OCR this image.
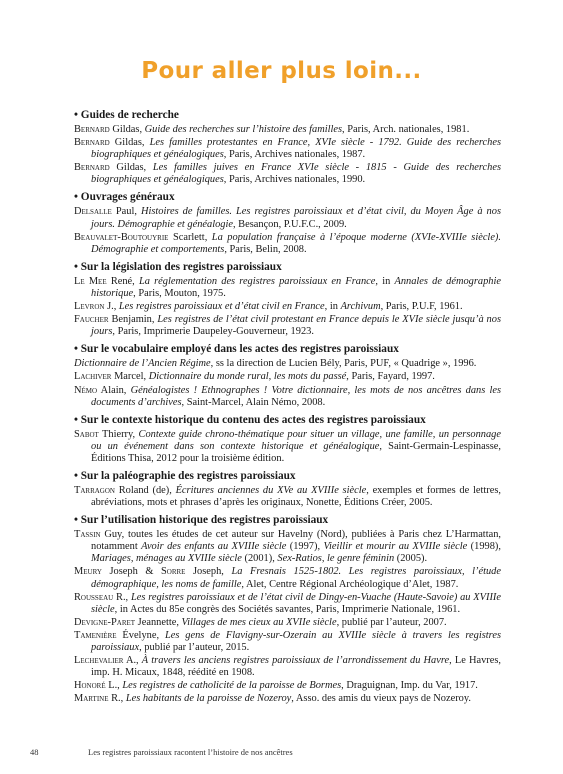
Pour aller plus loin...
• Guides de recherche
Bernard Gildas, Guide des recherches sur l’histoire des familles, Paris, Arch. nationales, 1981.
Bernard Gildas, Les familles protestantes en France, XVIe siècle - 1792. Guide des recherches biographiques et généalogiques, Paris, Archives nationales, 1987.
Bernard Gildas, Les familles juives en France XVIe siècle - 1815 - Guide des recherches biographiques et généalogiques, Paris, Archives nationales, 1990.
• Ouvrages généraux
Delsalle Paul, Histoires de familles. Les registres paroissiaux et d’état civil, du Moyen Âge à nos jours. Démographie et généalogie, Besançon, P.U.F.C., 2009.
Beauvalet-Boutouyrie Scarlett, La population française à l’époque moderne (XVIe-XVIIIe siècle). Démographie et comportements, Paris, Belin, 2008.
• Sur la législation des registres paroissiaux
Le Mee René, La réglementation des registres paroissiaux en France, in Annales de démographie historique, Paris, Mouton, 1975.
Levron J., Les registres paroissiaux et d’état civil en France, in Archivum, Paris, P.U.F, 1961.
Faucher Benjamin, Les registres de l’état civil protestant en France depuis le XVIe siècle jusqu’à nos jours, Paris, Imprimerie Daupeley-Gouverneur, 1923.
• Sur le vocabulaire employé dans les actes des registres paroissiaux
Dictionnaire de l’Ancien Régime, ss la direction de Lucien Bély, Paris, PUF, « Quadrige », 1996.
Lachiver Marcel, Dictionnaire du monde rural, les mots du passé, Paris, Fayard, 1997.
Némo Alain, Généalogistes ! Ethnographes ! Votre dictionnaire, les mots de nos ancêtres dans les documents d’archives, Saint-Marcel, Alain Némo, 2008.
• Sur le contexte historique du contenu des actes des registres paroissiaux
Sabot Thierry, Contexte guide chrono-thématique pour situer un village, une famille, un personnage ou un événement dans son contexte historique et généalogique, Saint-Germain-Lespinasse, Éditions Thisa, 2012 pour la troisième édition.
• Sur la paléographie des registres paroissiaux
Tarragon Roland (de), Écritures anciennes du XVe au XVIIIe siècle, exemples et formes de lettres, abréviations, mots et phrases d’après les originaux, Nonette, Éditions Créer, 2005.
• Sur l’utilisation historique des registres paroissiaux
Tassin Guy, toutes les études de cet auteur sur Havelny (Nord), publiées à Paris chez L’Harmattan, notamment Avoir des enfants au XVIIIe siècle (1997), Vieillir et mourir au XVIIIe siècle (1998), Mariages, ménages au XVIIIe siècle (2001), Sex-Ratios, le genre féminin (2005).
Meury Joseph & Sorre Joseph, La Fresnais 1525-1802. Les registres paroissiaux, l’étude démographique, les noms de famille, Alet, Centre Régional Archéologique d’Alet, 1987.
Rousseau R., Les registres paroissiaux et de l’état civil de Dingy-en-Vuache (Haute-Savoie) au XVIIIe siècle, in Actes du 85e congrès des Sociétés savantes, Paris, Imprimerie Nationale, 1961.
Devigne-Paret Jeannette, Villages de mes cieux au XVIIe siècle, publié par l’auteur, 2007.
Tamenière Évelyne, Les gens de Flavigny-sur-Ozerain au XVIIIe siècle à travers les registres paroissiaux, publié par l’auteur, 2015.
Lechevalier A., À travers les anciens registres paroissiaux de l’arrondissement du Havre, Le Havres, imp. H. Micaux, 1848, réédité en 1908.
Honoré L., Les registres de catholicité de la paroisse de Bormes, Draguignan, Imp. du Var, 1917.
Martine R., Les habitants de la paroisse de Nozeroy, Asso. des amis du vieux pays de Nozeroy.
48	Les registres paroissiaux racontent l’histoire de nos ancêtres
